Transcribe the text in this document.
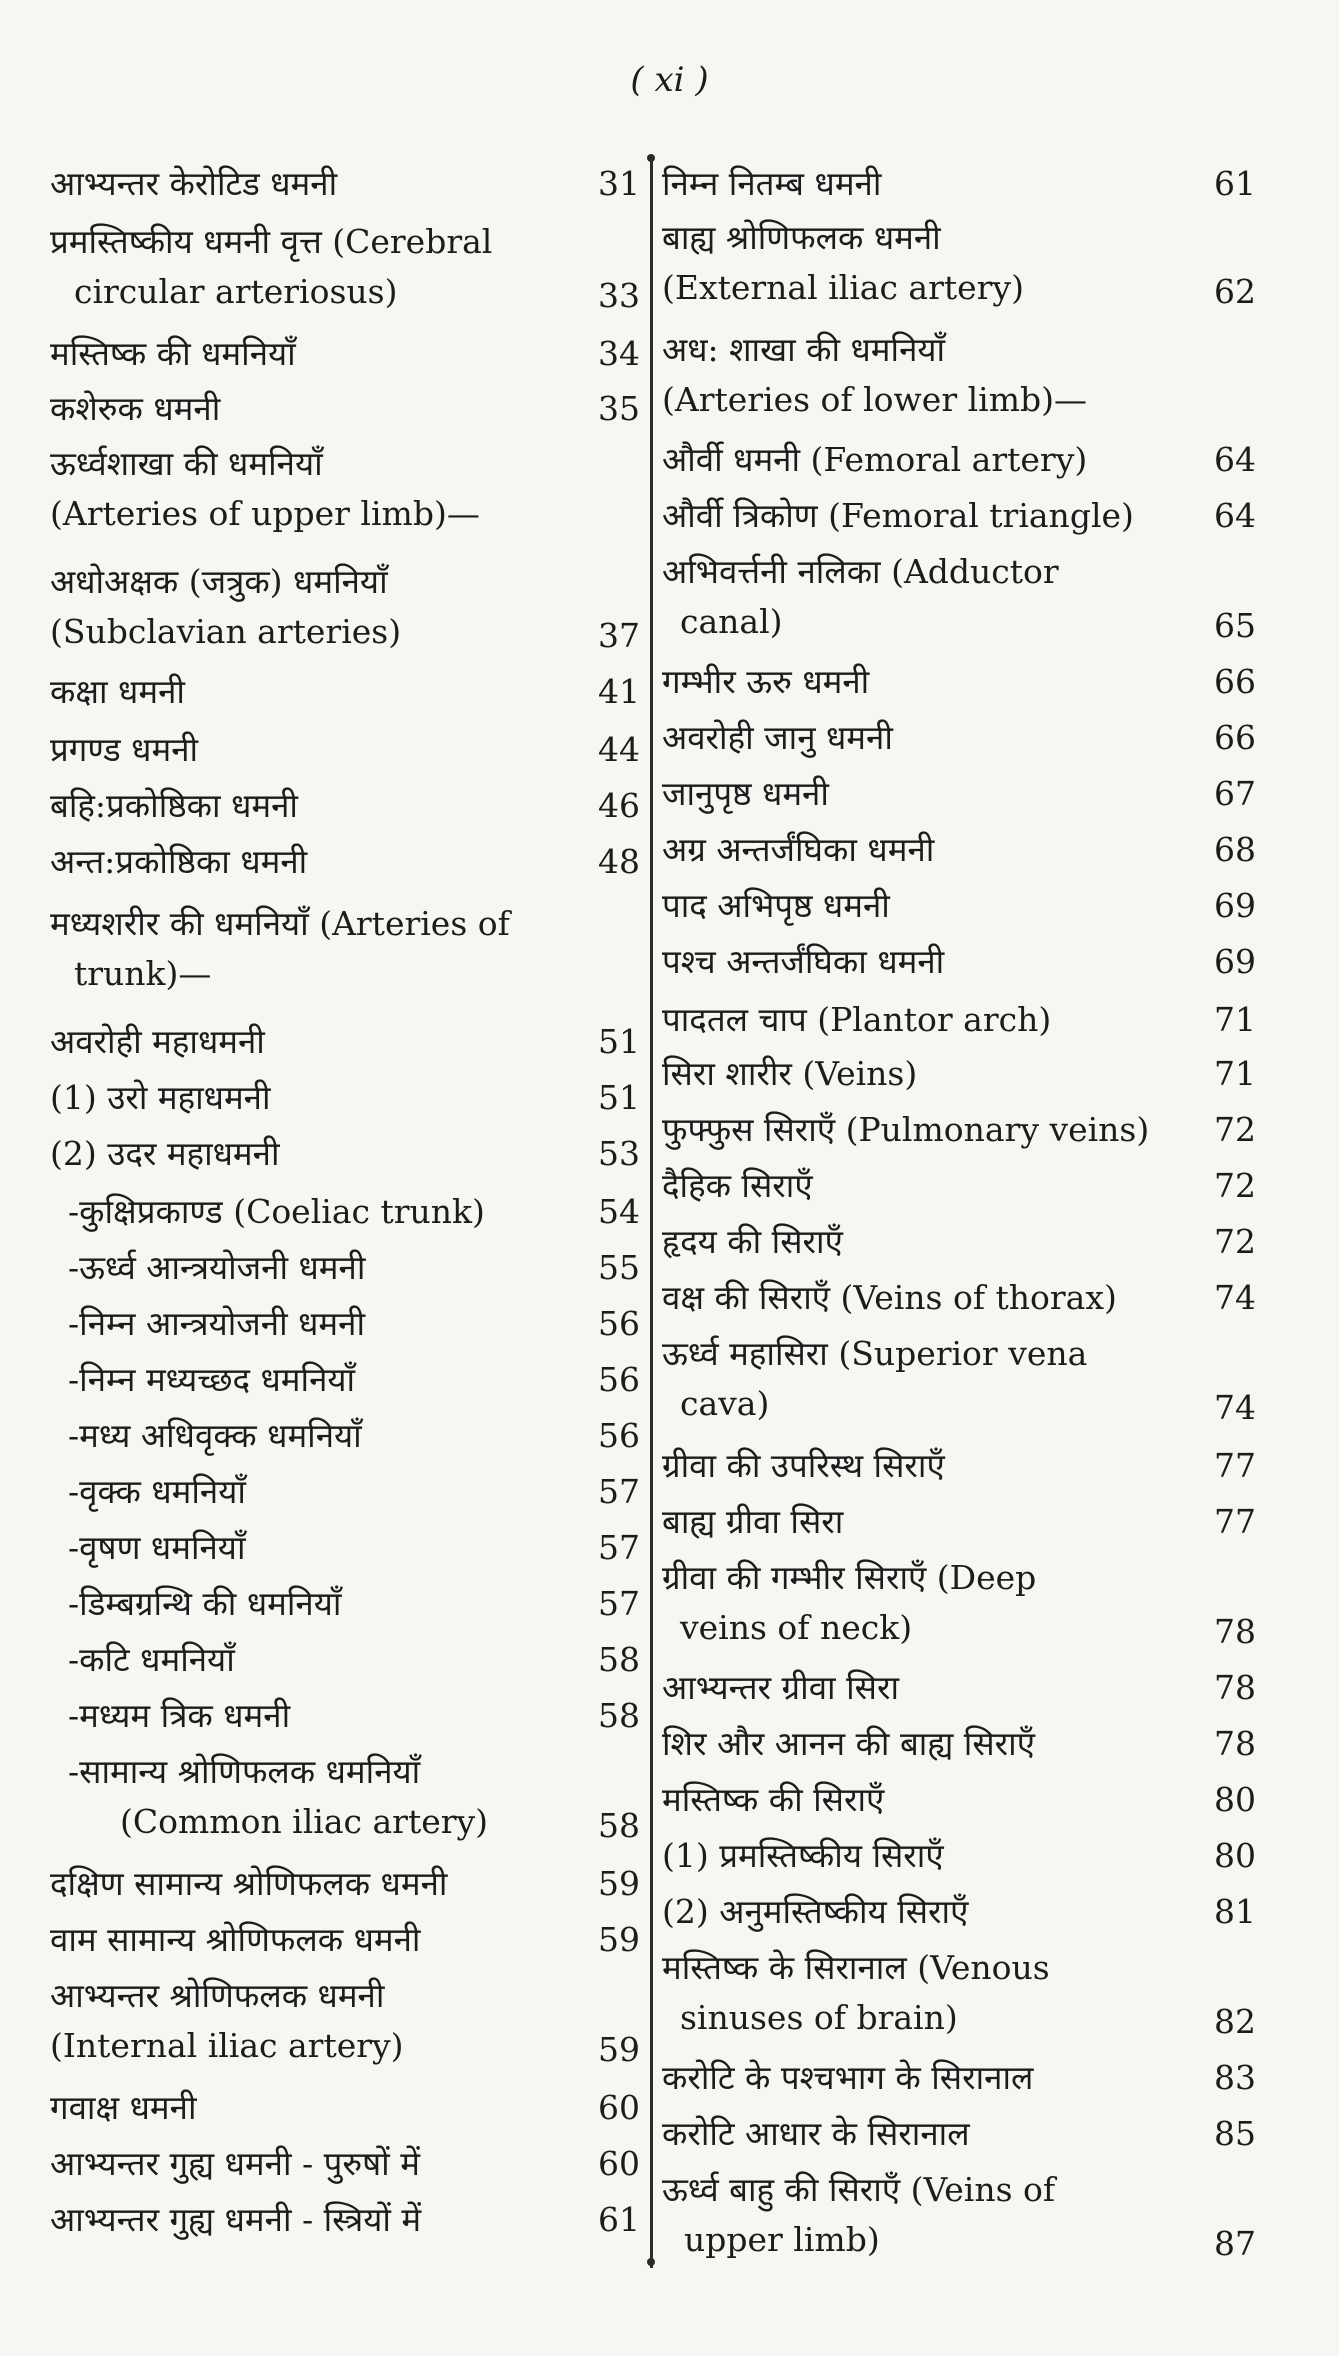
( xi )
आभ्यन्तर केरोटिड धमनी	31
प्रमस्तिष्कीय धमनी वृत्त (Cerebral
circular arteriosus)	33
मस्तिष्क की धमनियाँ	34
कशेरुक धमनी	35
ऊर्ध्वशाखा की धमनियाँ
(Arteries of upper limb)—
अधोअक्षक (जत्रुक) धमनियाँ
(Subclavian arteries)	37
कक्षा धमनी	41
प्रगण्ड धमनी	44
बहि:प्रकोष्ठिका धमनी	46
अन्त:प्रकोष्ठिका धमनी	48
मध्यशरीर की धमनियाँ (Arteries of
trunk)—
अवरोही महाधमनी	51
(1) उरो महाधमनी	51
(2) उदर महाधमनी	53
-कुक्षिप्रकाण्ड (Coeliac trunk)	54
-ऊर्ध्व आन्त्रयोजनी धमनी	55
-निम्न आन्त्रयोजनी धमनी	56
-निम्न मध्यच्छद धमनियाँ	56
-मध्य अधिवृक्क धमनियाँ	56
-वृक्क धमनियाँ	57
-वृषण धमनियाँ	57
-डिम्बग्रन्थि की धमनियाँ	57
-कटि धमनियाँ	58
-मध्यम त्रिक धमनी	58
-सामान्य श्रोणिफलक धमनियाँ
(Common iliac artery)	58
दक्षिण सामान्य श्रोणिफलक धमनी	59
वाम सामान्य श्रोणिफलक धमनी	59
आभ्यन्तर श्रोणिफलक धमनी
(Internal iliac artery)	59
गवाक्ष धमनी	60
आभ्यन्तर गुह्य धमनी - पुरुषों में	60
आभ्यन्तर गुह्य धमनी - स्त्रियों में	61
निम्न नितम्ब धमनी	61
बाह्य श्रोणिफलक धमनी
(External iliac artery)	62
अध: शाखा की धमनियाँ
(Arteries of lower limb)—
और्वी धमनी (Femoral artery)	64
और्वी त्रिकोण (Femoral triangle)	64
अभिवर्त्तनी नलिका (Adductor
canal)	65
गम्भीर ऊरु धमनी	66
अवरोही जानु धमनी	66
जानुपृष्ठ धमनी	67
अग्र अन्तर्जंघिका धमनी	68
पाद अभिपृष्ठ धमनी	69
पश्च अन्तर्जंघिका धमनी	69
पादतल चाप (Plantor arch)	71
सिरा शारीर (Veins)	71
फुफ्फुस सिराएँ (Pulmonary veins)	72
दैहिक सिराएँ	72
हृदय की सिराएँ	72
वक्ष की सिराएँ (Veins of thorax)	74
ऊर्ध्व महासिरा (Superior vena
cava)	74
ग्रीवा की उपरिस्थ सिराएँ	77
बाह्य ग्रीवा सिरा	77
ग्रीवा की गम्भीर सिराएँ (Deep
veins of neck)	78
आभ्यन्तर ग्रीवा सिरा	78
शिर और आनन की बाह्य सिराएँ	78
मस्तिष्क की सिराएँ	80
(1) प्रमस्तिष्कीय सिराएँ	80
(2) अनुमस्तिष्कीय सिराएँ	81
मस्तिष्क के सिरानाल (Venous
sinuses of brain)	82
करोटि के पश्चभाग के सिरानाल	83
करोटि आधार के सिरानाल	85
ऊर्ध्व बाहु की सिराएँ (Veins of
upper limb)	87
